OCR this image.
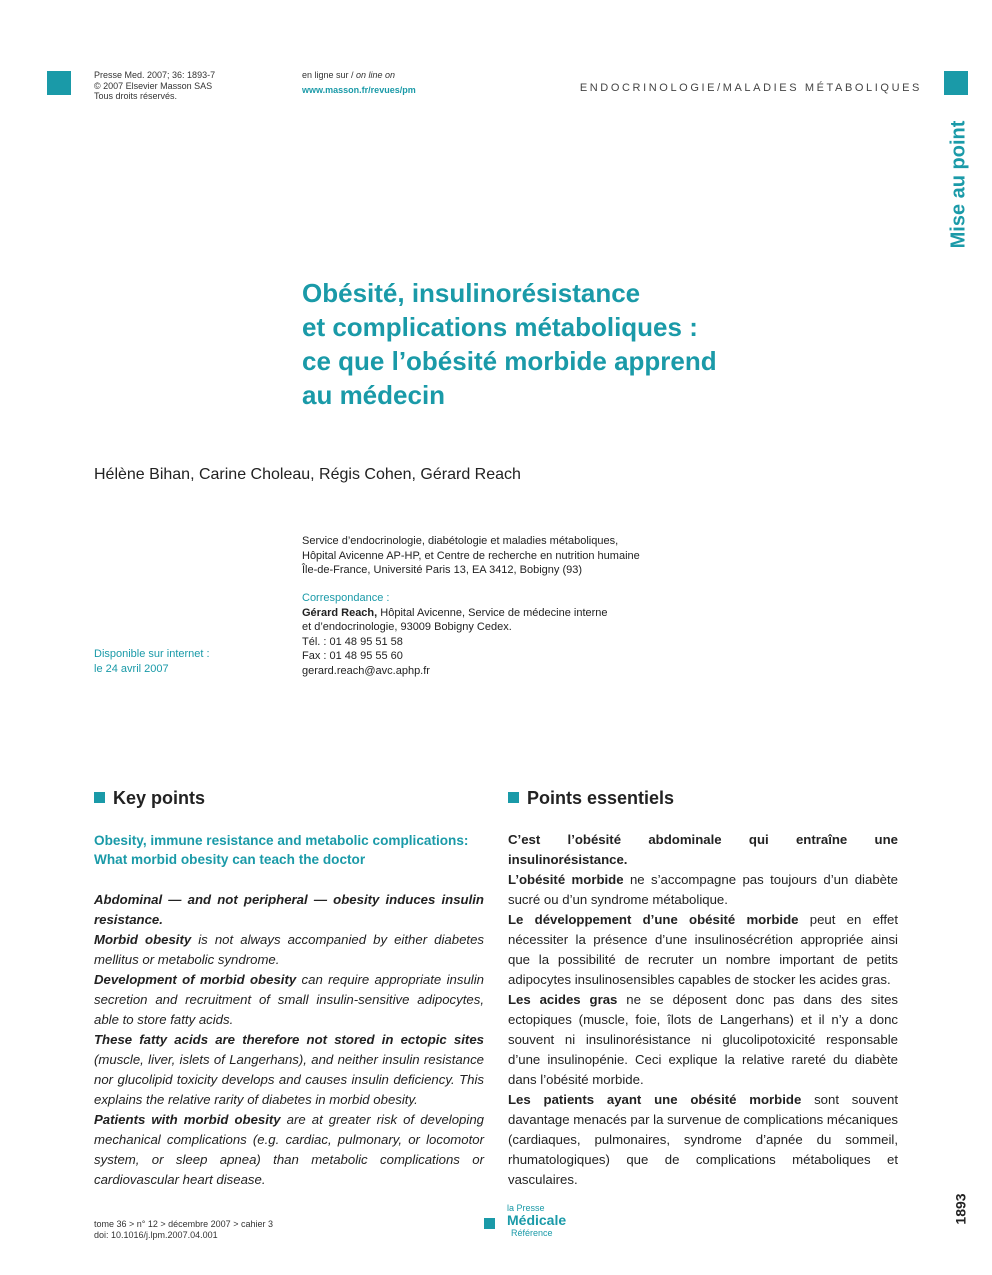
Presse Med. 2007; 36: 1893-7
© 2007 Elsevier Masson SAS
Tous droits réservés.
en ligne sur / on line on
www.masson.fr/revues/pm	ENDOCRINOLOGIE/MALADIES MÉTABOLIQUES
Mise au point
Obésité, insulinorésistance
et complications métaboliques :
ce que l’obésité morbide apprend
au médecin
Hélène Bihan, Carine Choleau, Régis Cohen, Gérard Reach
Service d’endocrinologie, diabétologie et maladies métaboliques,
Hôpital Avicenne AP-HP, et Centre de recherche en nutrition humaine
Île-de-France, Université Paris 13, EA 3412, Bobigny (93)
Correspondance :
Gérard Reach, Hôpital Avicenne, Service de médecine interne
et d’endocrinologie, 93009 Bobigny Cedex.
Tél. : 01 48 95 51 58
Fax : 01 48 95 55 60
gerard.reach@avc.aphp.fr
Disponible sur internet :
le 24 avril 2007
Key points	Points essentiels
Obesity, immune resistance and metabolic complications:
What morbid obesity can teach the doctor

Abdominal — and not peripheral — obesity induces insulin resistance.

Morbid obesity is not always accompanied by either diabetes mellitus or metabolic syndrome.

Development of morbid obesity can require appropriate insulin secretion and recruitment of small insulin-sensitive adipocytes, able to store fatty acids.

These fatty acids are therefore not stored in ectopic sites (muscle, liver, islets of Langerhans), and neither insulin resistance nor glucolipid toxicity develops and causes insulin deficiency. This explains the relative rarity of diabetes in morbid obesity.

Patients with morbid obesity are at greater risk of developing mechanical complications (e.g. cardiac, pulmonary, or locomotor system, or sleep apnea) than metabolic complications or cardiovascular heart disease.

C’est l’obésité abdominale qui entraîne une insulinorésistance.

L’obésité morbide ne s’accompagne pas toujours d’un diabète sucré ou d’un syndrome métabolique.

Le développement d’une obésité morbide peut en effet nécessiter la présence d’une insulinosécrétion appropriée ainsi que la possibilité de recruter un nombre important de petits adipocytes insulinosensibles capables de stocker les acides gras.

Les acides gras ne se déposent donc pas dans des sites ectopiques (muscle, foie, îlots de Langerhans) et il n’y a donc souvent ni insulinorésistance ni glucolipotoxicité responsable d’une insulinopénie. Ceci explique la relative rareté du diabète dans l’obésité morbide.

Les patients ayant une obésité morbide sont souvent davantage menacés par la survenue de complications mécaniques (cardiaques, pulmonaires, syndrome d’apnée du sommeil, rhumatologiques) que de complications métaboliques et vasculaires.

tome 36 > n° 12 > décembre 2007 > cahier 3
doi: 10.1016/j.lpm.2007.04.001
la Presse
Médicale
Référence
1893
